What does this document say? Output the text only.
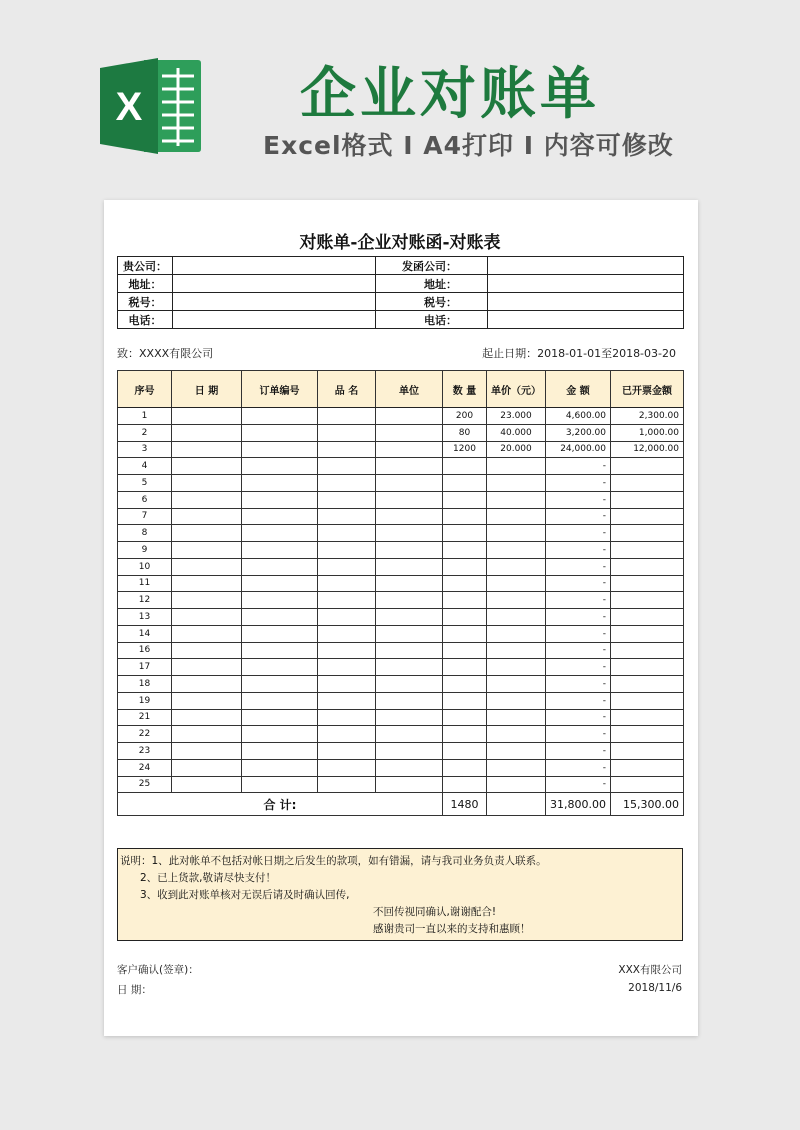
X	企业对账单
Excel格式 I A4打印 I 内容可修改
对账单-企业对账函-对账表
贵公司：		发函公司：	
地址：		地址：	
税号：		税号：	
电话：		电话：	
致：XXXX有限公司	起止日期：2018-01-01至2018-03-20
序号	日 期	订单编号	品 名	单位	数 量	单价（元）	金 额	已开票金额
1					200	23.000	4,600.00	2,300.00
2					80	40.000	3,200.00	1,000.00
3					1200	20.000	24,000.00	12,000.00
4							-	
5							-	
6							-	
7							-	
8							-	
9							-	
10							-	
11							-	
12							-	
13							-	
14							-	
16							-	
17							-	
18							-	
19							-	
21							-	
22							-	
23							-	
24							-	
25							-	
合 计:					1480		31,800.00	15,300.00
说明：1、此对帐单不包括对帐日期之后发生的款项，如有错漏，请与我司业务负责人联系。
2、已上货款,敬请尽快支付！
3、收到此对账单核对无误后请及时确认回传,
不回传视同确认,谢谢配合!
感谢贵司一直以来的支持和惠顾！
客户确认(签章)：
日 期：
XXX有限公司
2018/11/6
